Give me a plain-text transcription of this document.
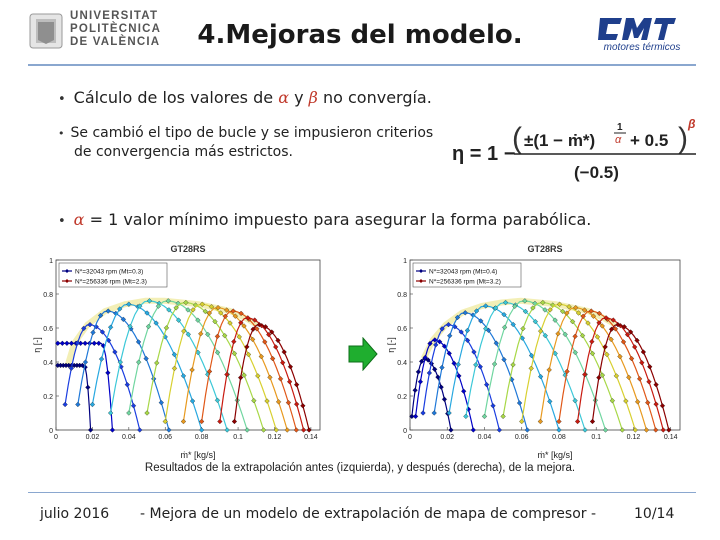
UNIVERSITAT
POLITÈCNICA
DE VALÈNCIA 4.Mejoras del modelo.	motores térmicos
• Cálculo de los valores de α y β no convergía.
• Se cambió el tipo de bucle y se impusieron criterios de convergencia más estrictos.	η = 1 −
( ±(1 − ṁ*)
1
α + 0.5 ) β
(−0.5)
• α = 1 valor mínimo impuesto para asegurar la forma parabólica.
GT28RS
0
0.2
0.4
0.6
0.8
1
0	0.02	0.04	0.06	0.08	0.1	0.12	0.14
ṁ* [kg/s]
η [-]
N*=32043 rpm (Mt=0.3)
N*=256336 rpm (Mt=2.3)
GT28RS
0
0.2
0.4
0.6
0.8
1
0	0.02	0.04	0.06	0.08	0.1	0.12	0.14
ṁ* [kg/s]
η [-]
N*=32043 rpm (Mt=0.4)
N*=256336 rpm (Mt=3.2)
Resultados de la extrapolación antes (izquierda), y después (derecha), de la mejora.
julio 2016 - Mejora de un modelo de extrapolación de mapa de compresor -	10/14
